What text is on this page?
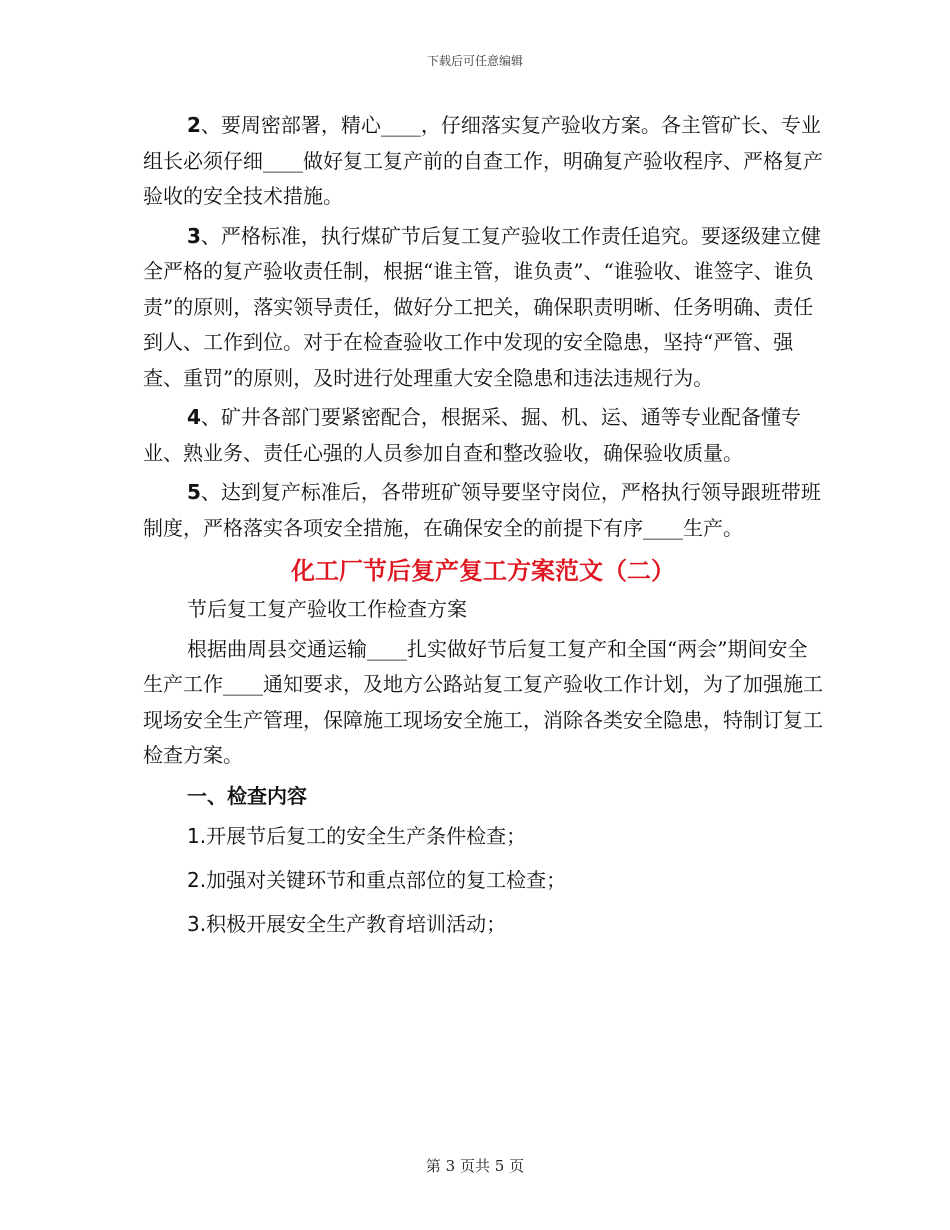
下载后可任意编辑

2、要周密部署，精心____，仔细落实复产验收方案。各主管矿长、专业组长必须仔细____做好复工复产前的自查工作，明确复产验收程序、严格复产验收的安全技术措施。

3、严格标准，执行煤矿节后复工复产验收工作责任追究。要逐级建立健全严格的复产验收责任制，根据“谁主管，谁负责”、“谁验收、谁签字、谁负责”的原则，落实领导责任，做好分工把关，确保职责明晰、任务明确、责任到人、工作到位。对于在检查验收工作中发现的安全隐患，坚持“严管、强查、重罚”的原则，及时进行处理重大安全隐患和违法违规行为。

4、矿井各部门要紧密配合，根据采、掘、机、运、通等专业配备懂专业、熟业务、责任心强的人员参加自查和整改验收，确保验收质量。

5、达到复产标准后，各带班矿领导要坚守岗位，严格执行领导跟班带班制度，严格落实各项安全措施，在确保安全的前提下有序____生产。

化工厂节后复产复工方案范文（二）

节后复工复产验收工作检查方案

根据曲周县交通运输____扎实做好节后复工复产和全国“两会”期间安全生产工作____通知要求，及地方公路站复工复产验收工作计划，为了加强施工现场安全生产管理，保障施工现场安全施工，消除各类安全隐患，特制订复工检查方案。

一、检查内容

1.开展节后复工的安全生产条件检查；

2.加强对关键环节和重点部位的复工检查；

3.积极开展安全生产教育培训活动；

第 3 页共 5 页
